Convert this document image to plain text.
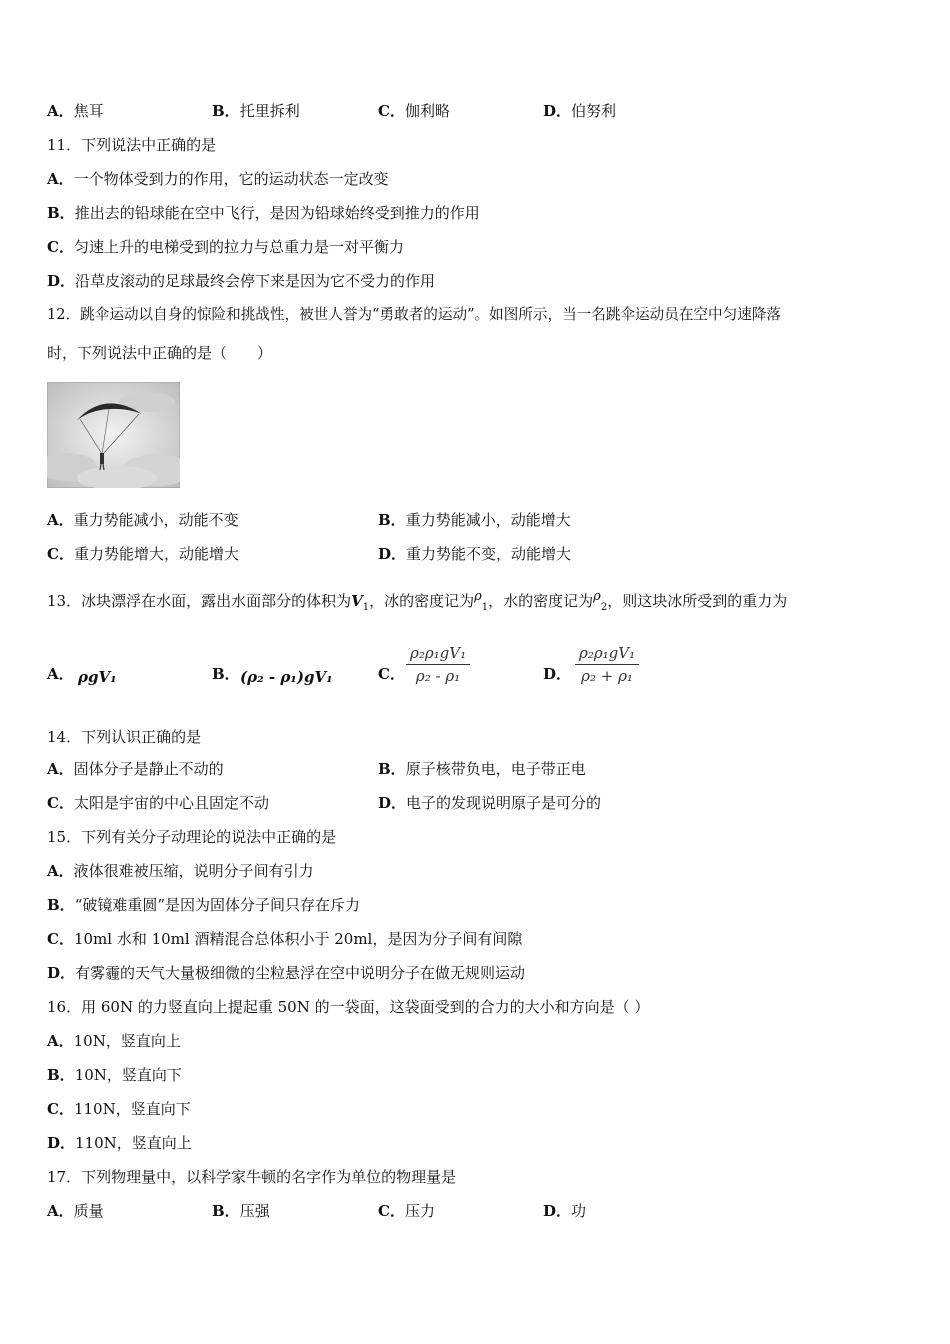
A．焦耳	B．托里拆利	C．伽利略	D．伯努利
11．下列说法中正确的是
A．一个物体受到力的作用，它的运动状态一定改变
B．推出去的铅球能在空中飞行，是因为铅球始终受到推力的作用
C．匀速上升的电梯受到的拉力与总重力是一对平衡力
D．沿草皮滚动的足球最终会停下来是因为它不受力的作用
12．跳伞运动以自身的惊险和挑战性，被世人誉为“勇敢者的运动”。如图所示，当一名跳伞运动员在空中匀速降落
时，下列说法中正确的是（　　）
A．重力势能减小，动能不变	B．重力势能减小，动能增大
C．重力势能增大，动能增大	D．重力势能不变，动能增大
13．冰块漂浮在水面，露出水面部分的体积为$V_1$，冰的密度记为$\rho_1$，水的密度记为$\rho_2$，则这块冰所受到的重力为
A． ρgV₁	B． (ρ₂ - ρ₁)gV₁	C． $\frac{\text{ρ₂ρ₁gV₁}}{\text{ρ₂ - ρ₁}}$	D． $\frac{\text{ρ₂ρ₁gV₁}}{\text{ρ₂ + ρ₁}}$
14．下列认识正确的是
A．固体分子是静止不动的	B．原子核带负电，电子带正电
C．太阳是宇宙的中心且固定不动	D．电子的发现说明原子是可分的
15．下列有关分子动理论的说法中正确的是
A．液体很难被压缩，说明分子间有引力
B．“破镜难重圆”是因为固体分子间只存在斥力
C．10ml 水和 10ml 酒精混合总体积小于 20ml，是因为分子间有间隙
D．有雾霾的天气大量极细微的尘粒悬浮在空中说明分子在做无规则运动
16．用 60N 的力竖直向上提起重 50N 的一袋面，这袋面受到的合力的大小和方向是（ ）
A．10N，竖直向上
B．10N，竖直向下
C．110N，竖直向下
D．110N，竖直向上
17．下列物理量中，以科学家牛顿的名字作为单位的物理量是
A．质量	B．压强	C．压力	D．功
